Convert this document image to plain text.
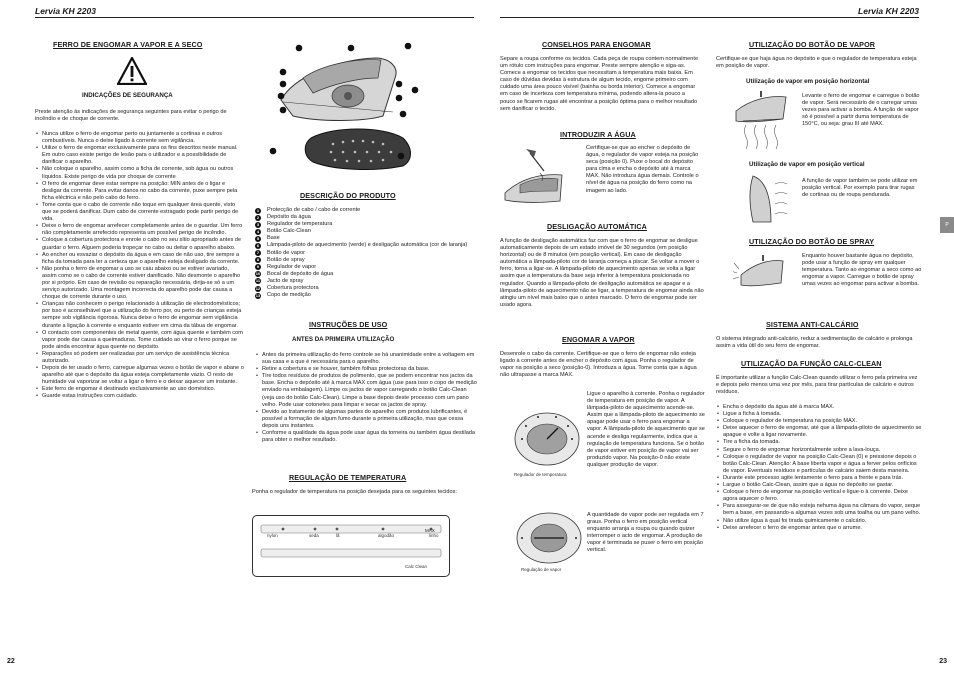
Lervia KH 2203	Lervia KH 2203
FERRO DE ENGOMAR A VAPOR E A SECO
INDICAÇÕES DE SEGURANÇA

Preste atenção às indicações de segurança seguintes para evitar o perigo de incêndio e de choque de corrente.

• Nunca utilize o ferro de engomar perto ou juntamente a cortinas e outros combustíveis. Nunca o deixe ligado à corrente sem vigilância.
• Utilize o ferro de engomar exclusivamente para os fins descritos neste manual. Em outro caso existe perigo de lesão para o utilizador e a possibilidade de danificar o aparelho.
• Não coloque o aparelho, assim como a ficha de corrente, sob água ou outros líquidos. Existe perigo de vida por choque de corrente
• O ferro de engomar deve estar sempre na posição: MIN antes de o ligar e desligar da corrente. Para evitar danos no cabo da corrente, puxe sempre pela ficha eléctrica e não pelo cabo do ferro.
• Tome conta que o cabo de corrente não toque em qualquer área quente, visto que se poderá danificar. Dum cabo de corrente estragado pode partir perigo de vida.
• Deixe o ferro de engomar arrefecer completamente antes de o guardar. Um ferro não completamente arrefecido representa um possível perigo de incêndio.
• Coloque a cobertura protectora e enrole o cabo no seu sítio apropriado antes de guardar o ferro. Alguem poderia tropeçar no cabo ou deitar o aparelho abaixo.
• Ao encher ou esvaziar o depósito da água e em caso de não uso, tire sempre a ficha da tomada para ter a certeza que o aparelho esteja desligado da corrente.
• Não ponha o ferro de engomar a uso se caiu abaixo ou se estiver avariado, assim como se o cabo de corrente estiver danificado. Não desmonte o aparelho por si próprio. Em caso de revisão ou reparação necessária, dirija-se só a um serviço autorizado. Uma montagem incorrecta do aparelho pode dar causa a choque de corrente durante o uso.
• Crianças não conhecem o perigo relacionado à utilização de electrodomésticos; por isso é aconselhável que a utilização do ferro por, ou perto de crianças esteja sempre sob vigilância rigorosa. Nunca deixe o ferro de engomar sem vigilância durante a ligação à corrente e enquanto estiver em cima da tábua de engomar.
• O contacto com componentes de metal quente, com água quente e também com vapor pode dar causa a queimaduras. Tome cuidado ao virar o ferro porque se pode ainda encontrar água quente no depósito.
• Reparações só podem ser realizadas por um serviço de assistência técnica autorizado.
• Depois de ter usado o ferro, carregue algumas vezes o botão de vapor e abane o aparelho até que o depósito da água esteja completamente vazio. O resto de humidade vai vaporizar se voltar a ligar o ferro e o deixar aquecer um instante.
• Este ferro de engomar é destinado exclusivamente ao uso doméstico.
• Guarde estas instruções com cuidado.
DESCRIÇÃO DO PRODUTO
1	Protecção de cabo / cabo de corrente
2	Depósito da água
3	Regulador de temperatura
4	Botão Calc-Clean
5	Base
6	Lâmpada-piloto de aquecimento (verde) e desligação automática (cor de laranja)
7	Botão de vapor
8	Botão de spray
9	Regulador de vapor
10 Bocal de depósito de água
11 Jacto de spray
12 Cobertura protectora
13 Copo de medição
INSTRUÇÕES DE USO
ANTES DA PRIMEIRA UTILIZAÇÃO
• Antes da primeira utilização do ferro controle se há unanimidade entre a voltagem em sua casa e a que é necessária para o aparelho.
• Retire a cobertura e se houver, também folhas protectoras da base.
• Tire todos resíduos de produtos de polimento, que se podem encontrar nos jactos da base. Encha o depósito até à marca MAX com água (use para isso o copo de medição enviado na embalagem). Limpe os jactos de vapor carregando o botão Calc-Clean (veja uso do botão Calc-Clean). Limpe a base depois deste processo com um pano velho. Pode usar cotonetes para limpar e secar os jactos de spray.
• Devido ao tratamento de algumas partes do aparelho com produtos lubrificantes, é possível a formação de algum fumo durante a primeira utilização, mas que cessa depois uns instantes.
• Conforme a qualidade da água pode usar água da torneira ou também água destilada para obter o melhor resultado.
REGULAÇÃO DE TEMPERATURA

Ponha o regulador de temperatura na posição desejada para os seguintes tecidos:

MAX
nylon	seda	lã	algodão	linho
Calc Clean
22
CONSELHOS PARA ENGOMAR

Separe a roupa conforme os tecidos. Cada peça de roupa contem normalmente um rótulo com instruções para engomar. Preste sempre atenção e siga-as. Comece a engomar os tecidos que necessitam a temperatura mais baixa. Em caso de dúvidas devidas à estrutura de algum tecido, engome primeiro com cuidado uma área pouco visível (bainha ou borda interior). Comece a engomar em caso de incerteza com temperatura mínima, podendo altera-la pouco a pouco se ficarem rugas até encontrar a posição óptima para o melhor resultado sem danificar o tecido.

INTRODUZIR A ÁGUA

Certifique-se que ao encher o depósito de água, o regulador de vapor esteja na posição seca (posição 0). Puxe o bocal do depósito para cima e encha o depósito até à marca MAX. Não introduza água demais. Controle o nível de água na posição do ferro como na imagem ao lado.

DESLIGAÇÃO AUTOMÁTICA

A função de desligação automática faz com que o ferro de engomar se desligue automaticamente depois de um estado imóvel de 30 segundos (em posição horizontal) ou de 8 minutos (em posição vertical). Em caso de desligação automática a lâmpada-piloto cor de laranja começa a piscar. Se voltar a mover o ferro, torna a ligar-se. A lâmpada-piloto de aquecimento apenas se volta a ligar assim que a temperatura da base seja inferior à temperatura posicionada no regulador. Quando a lâmpada-piloto de desligação automática se apagar e a lâmpada-piloto de aquecimento não se ligar, a temperatura de engomar ainda não atingiu um nível mais baixo que o antes marcado. O ferro de engomar pode ser usado agora.

ENGOMAR A VAPOR

Desenrole o cabo da corrente. Certifique-se que o ferro de engomar não esteja ligado à corrente antes de encher o depósito com água. Ponha o regulador de vapor na posição a seco (posição-0). Introduza a água. Tome conta que a água não ultrapasse a marca MAX.

Regulador de temperatura

Ligue o aparelho à corrente. Ponha o regulador de temperatura em posição de vapor. A lâmpada-piloto de aquecimento acende-se. Assim que a lâmpada-piloto de aquecimento se apagar pode usar o ferro para engomar a vapor. A lâmpada-piloto de aquecimento que se acende e desliga regularmente, indica que a regulação de temperatura funciona. Se o botão de vapor estiver em posição de vapor vai ser produzido vapor. Na posição-0 não existe qualquer produção de vapor.

Regulação de vapor

A quantidade de vapor pode ser regulada em 7 graus. Ponha o ferro em posição vertical enquanto arranja a roupa ou quando quizer interromper o acto de engomar. A produção de vapor é terminada se puser o ferro em posição vertical.

UTILIZAÇÃO DO BOTÃO DE VAPOR

Certifique-se que haja água no depósito e que o regulador de temperatura esteja em posição de vapor.

Utilização de vapor em posição horizontal

Levante o ferro de engomar e carregue o botão de vapor. Será necessário de o carregar umas vezes para activar a bomba. A função de vapor só é possível a partir duma temperatura de 150°C, ou seja: grau III até MAX.

Utilização de vapor em posição vertical

A função de vapor também se pode utilizar em posição vertical. Por exemplo para tirar rugas de cortinas ou de roupa pendurada.

UTILIZAÇÃO DO BOTÃO DE SPRAY

Enquanto houver bastante água no depósito, pode usar a função de spray em qualquer temperatura. Tanto ao engomar a seco como ao engomar a vapor. Carregue o botão de spray umas vezes ao engomar para activar a bomba.

SISTEMA ANTI-CALCÁRIO

O sistema integrado anti-calcário, reduz a sedimentação de calcário e prolonga assim a vida útil do seu ferro de engomar.

UTILIZAÇÃO DA FUNÇÃO CALC-CLEAN

É importante utilizar a função Calc-Clean quando utilizar o ferro pela primeira vez e depois pelo menos uma vez por mês, para tirar partículas de calcário e outros resíduos.

• Encha o depósito da água até à marca MAX.
• Ligue a ficha à tomada.
• Coloque o regulador de temperatura na posição MAX.
• Deixe aquecer o ferro de engomar, até que a lâmpada-piloto de aquecimento se apague e volte a ligar novamente.
• Tire a ficha da tomada.
• Segure o ferro de engomar horizontalmente sobre a lava-louça.
• Coloque o regulador de vapor na posição Calc-Clean (0) e pressione depois o botão Calc-Clean. Atenção: A base liberta vapor e água a ferver pelos orifícios de vapor. Eventuais resíduos e partículas de calcário saiem desta maneira.
• Durante este processo agite lentamente o ferro para a frente e para trás.
• Largue o botão Calc-Clean, assim que a água no depósito se gastar.
• Coloque o ferro de engomar na posição vertical e ligue-o à corrente. Deixe agora aquecer o ferro.
• Para assegurar-se de que não esteja nehuma água na câmara do vapor, seque bem a base, em passando-a algumas vezes sob uma toalha ou um pano velho.
• Não utilize água à qual foi tirada quimicamente o calcário.
• Deixe arrefecer o ferro de engomar antes que o arrume.
P
23
